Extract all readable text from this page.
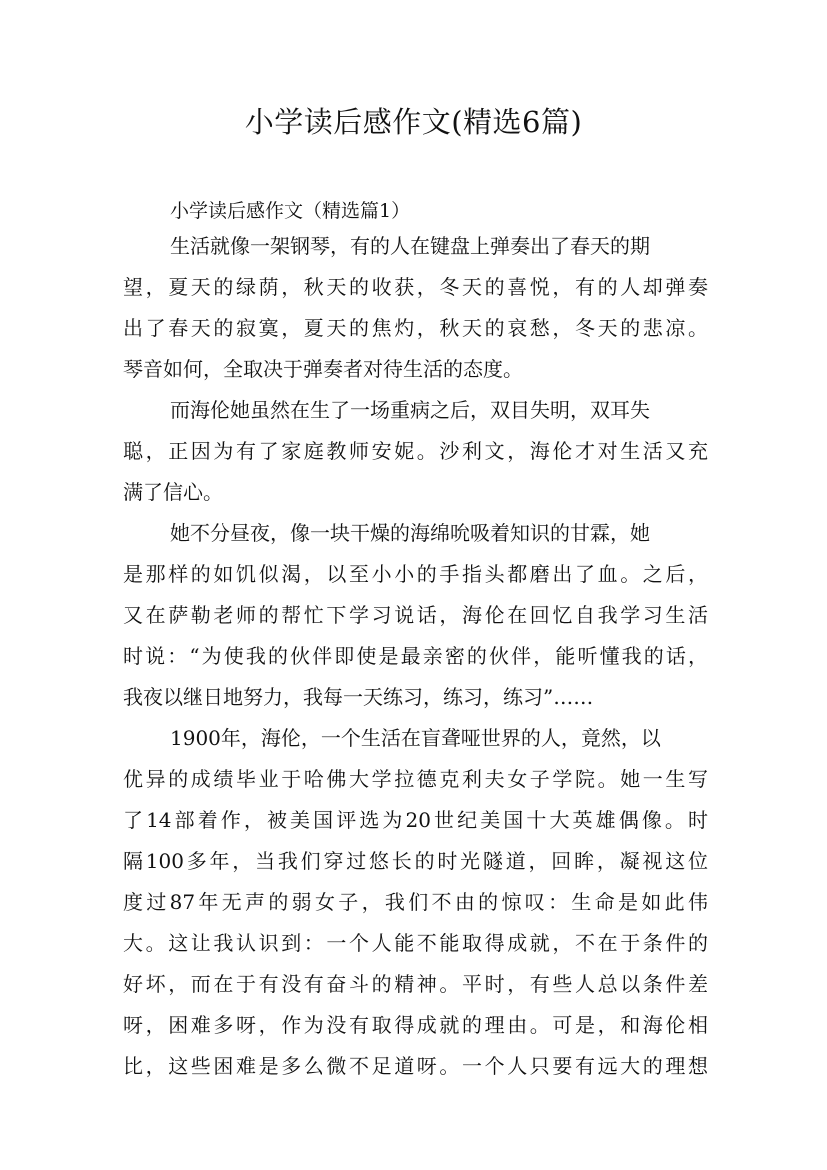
小学读后感作文(精选6篇)
小学读后感作文（精选篇1）
生活就像一架钢琴，有的人在键盘上弹奏出了春天的期
望，夏天的绿荫，秋天的收获，冬天的喜悦，有的人却弹奏
出了春天的寂寞，夏天的焦灼，秋天的哀愁，冬天的悲凉。
琴音如何，全取决于弹奏者对待生活的态度。
而海伦她虽然在生了一场重病之后，双目失明，双耳失
聪，正因为有了家庭教师安妮。沙利文，海伦才对生活又充
满了信心。
她不分昼夜，像一块干燥的海绵吮吸着知识的甘霖，她
是那样的如饥似渴，以至小小的手指头都磨出了血。之后，
又在萨勒老师的帮忙下学习说话，海伦在回忆自我学习生活
时说：“为使我的伙伴即使是最亲密的伙伴，能听懂我的话，
我夜以继日地努力，我每一天练习，练习，练习”……
1900年，海伦，一个生活在盲聋哑世界的人，竟然，以
优异的成绩毕业于哈佛大学拉德克利夫女子学院。她一生写
了14部着作，被美国评选为20世纪美国十大英雄偶像。时
隔100多年，当我们穿过悠长的时光隧道，回眸，凝视这位
度过87年无声的弱女子，我们不由的惊叹：生命是如此伟
大。这让我认识到：一个人能不能取得成就，不在于条件的
好坏，而在于有没有奋斗的精神。平时，有些人总以条件差
呀，困难多呀，作为没有取得成就的理由。可是，和海伦相
比，这些困难是多么微不足道呀。一个人只要有远大的理想
